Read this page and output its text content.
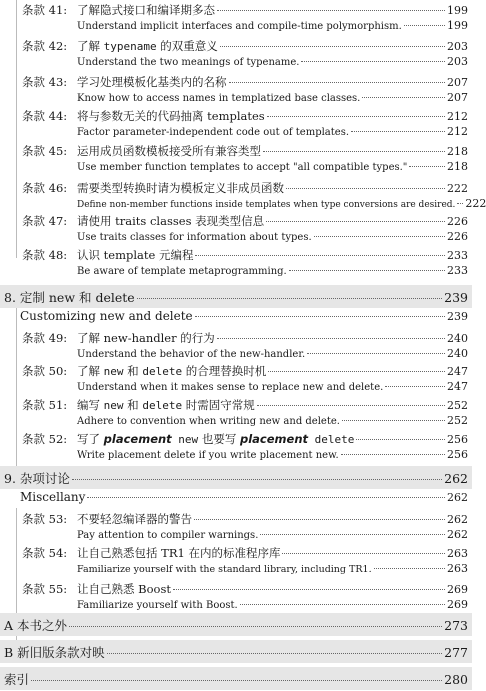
条款 41: 了解隐式接口和编译期多态	199
Understand implicit interfaces and compile-time polymorphism.	199
条款 42: 了解 typename 的双重意义	203
Understand the two meanings of typename.	203
条款 43: 学习处理模板化基类内的名称	207
Know how to access names in templatized base classes.	207
条款 44: 将与参数无关的代码抽离 templates	212
Factor parameter-independent code out of templates.	212
条款 45: 运用成员函数模板接受所有兼容类型	218
Use member function templates to accept "all compatible types."	218
条款 46: 需要类型转换时请为模板定义非成员函数	222
Define non-member functions inside templates when type conversions are desired. 222
条款 47: 请使用 traits classes 表现类型信息	226
Use traits classes for information about types.	226
条款 48: 认识 template 元编程	233
Be aware of template metaprogramming.	233
8. 定制 new 和 delete	239
Customizing new and delete	239
条款 49: 了解 new-handler 的行为	240
Understand the behavior of the new-handler.	240
条款 50: 了解 new 和 delete 的合理替换时机	247
Understand when it makes sense to replace new and delete.	247
条款 51: 编写 new 和 delete 时需固守常规	252
Adhere to convention when writing new and delete.	252
条款 52: 写了 placement new 也要写 placement delete	256
Write placement delete if you write placement new.	256
9. 杂项讨论	262
Miscellany	262
条款 53: 不要轻忽编译器的警告	262
Pay attention to compiler warnings.	262
条款 54: 让自己熟悉包括 TR1 在内的标准程序库	263
Familiarize yourself with the standard library, including TR1.	263
条款 55: 让自己熟悉 Boost	269
Familiarize yourself with Boost.	269
A 本书之外	273
B 新旧版条款对映	277
索引	280
